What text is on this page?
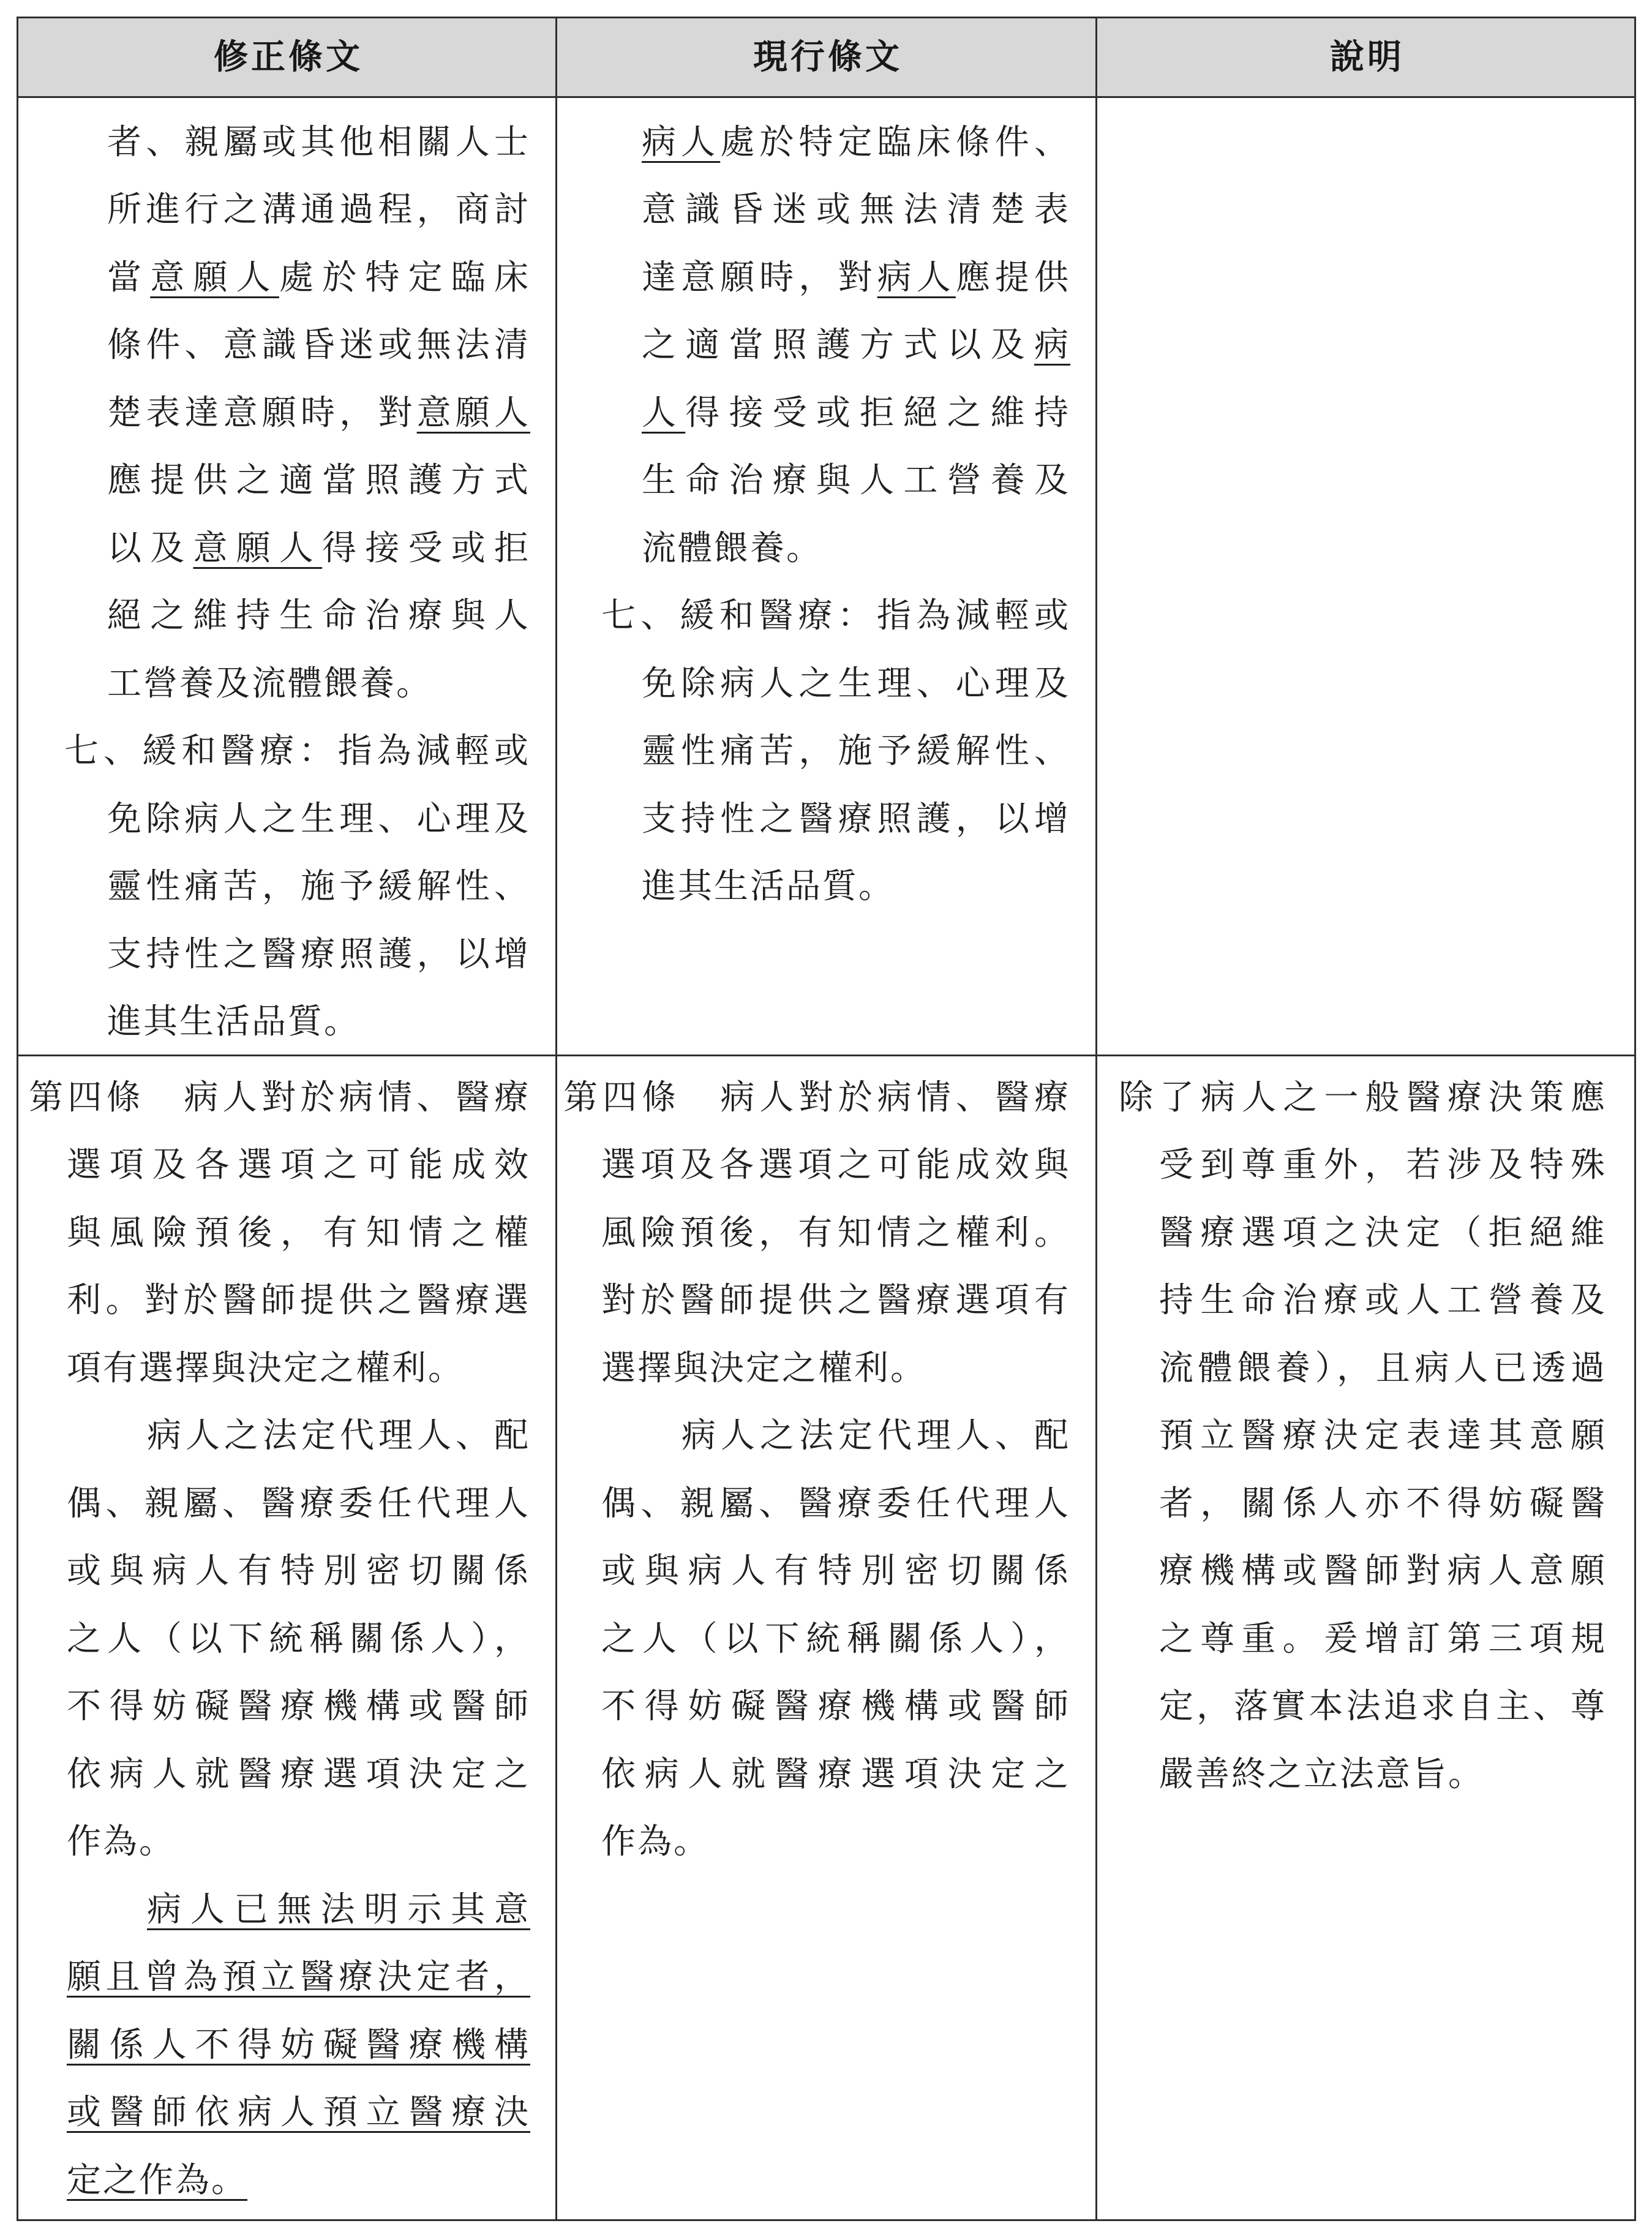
修正條文	現行條文	說明
者、親屬或其他相關人士
所進行之溝通過程，商討
當意願人處於特定臨床
條件、意識昏迷或無法清
楚表達意願時，對意願人
應提供之適當照護方式
以及意願人得接受或拒
絕之維持生命治療與人
工營養及流體餵養。
七、緩和醫療：指為減輕或
免除病人之生理、心理及
靈性痛苦，施予緩解性、
支持性之醫療照護，以增
進其生活品質。
病人處於特定臨床條件、
意識昏迷或無法清楚表
達意願時，對病人應提供
之適當照護方式以及病
人得接受或拒絕之維持
生命治療與人工營養及
流體餵養。
七、緩和醫療：指為減輕或
免除病人之生理、心理及
靈性痛苦，施予緩解性、
支持性之醫療照護，以增
進其生活品質。
第四條　病人對於病情、醫療
選項及各選項之可能成效
與風險預後，有知情之權
利。對於醫師提供之醫療選
項有選擇與決定之權利。
病人之法定代理人、配
偶、親屬、醫療委任代理人
或與病人有特別密切關係
之人（以下統稱關係人），
不得妨礙醫療機構或醫師
依病人就醫療選項決定之
作為。
病人已無法明示其意
願且曾為預立醫療決定者，
關係人不得妨礙醫療機構
或醫師依病人預立醫療決
定之作為。
第四條　病人對於病情、醫療
選項及各選項之可能成效與
風險預後，有知情之權利。
對於醫師提供之醫療選項有
選擇與決定之權利。
病人之法定代理人、配
偶、親屬、醫療委任代理人
或與病人有特別密切關係
之人（以下統稱關係人），
不得妨礙醫療機構或醫師
依病人就醫療選項決定之
作為。
除了病人之一般醫療決策應
受到尊重外，若涉及特殊
醫療選項之決定（拒絕維
持生命治療或人工營養及
流體餵養），且病人已透過
預立醫療決定表達其意願
者，關係人亦不得妨礙醫
療機構或醫師對病人意願
之尊重。爰增訂第三項規
定，落實本法追求自主、尊
嚴善終之立法意旨。
